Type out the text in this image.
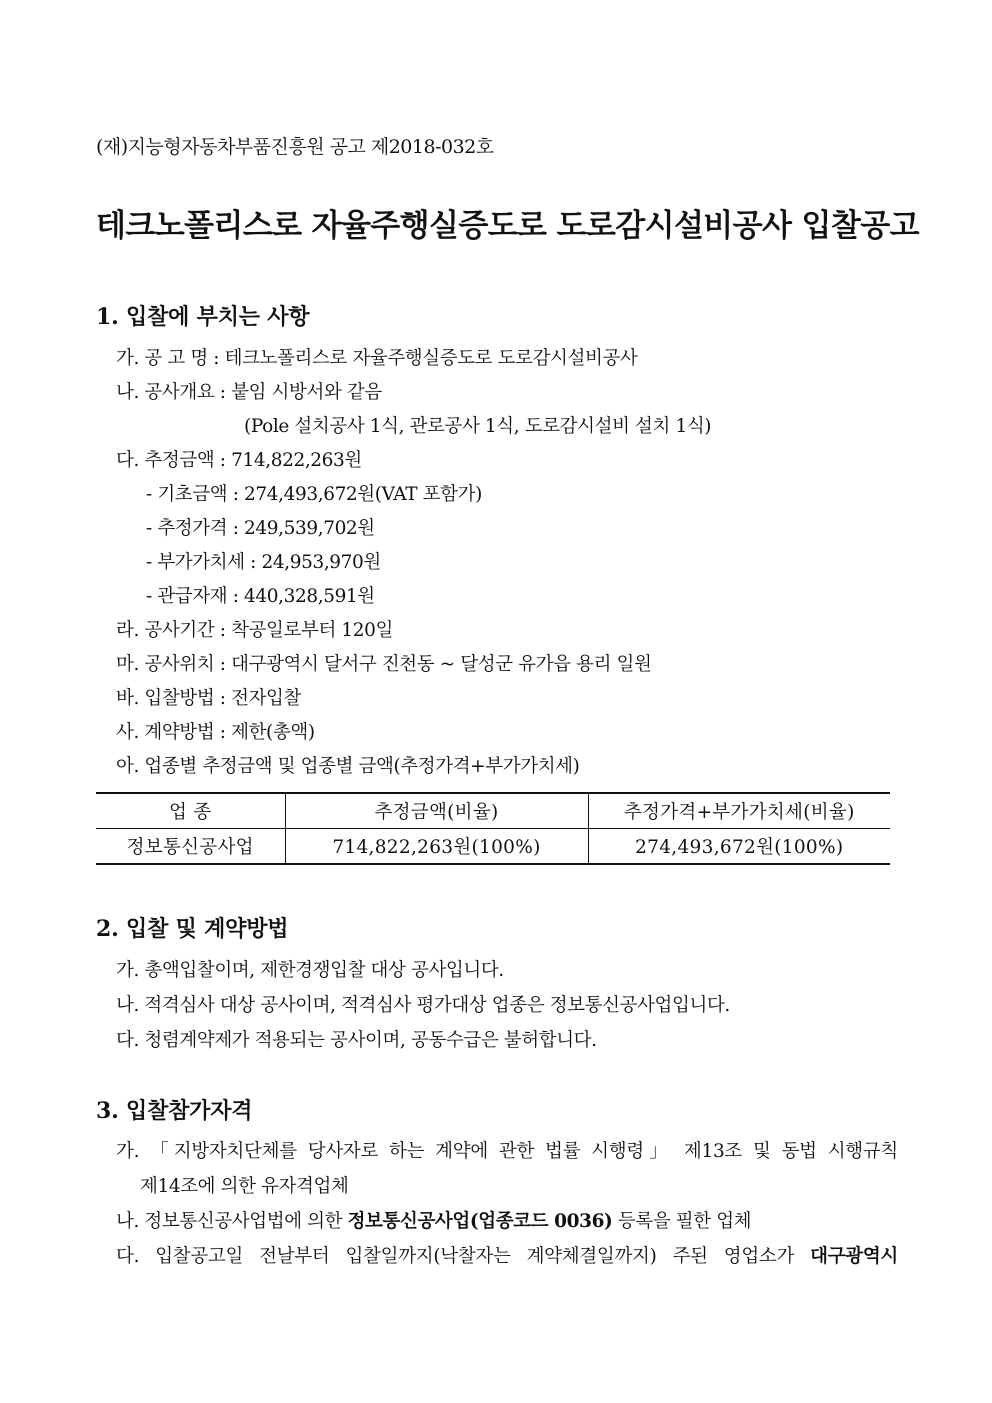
(재)지능형자동차부품진흥원 공고 제2018-032호
테크노폴리스로 자율주행실증도로 도로감시설비공사 입찰공고
1. 입찰에 부치는 사항
가. 공 고 명 : 테크노폴리스로 자율주행실증도로 도로감시설비공사
나. 공사개요 : 붙임 시방서와 같음
(Pole 설치공사 1식, 관로공사 1식, 도로감시설비 설치 1식)
다. 추정금액 : 714,822,263원
- 기초금액 : 274,493,672원(VAT 포함가)
- 추정가격 : 249,539,702원
- 부가가치세 : 24,953,970원
- 관급자재 : 440,328,591원
라. 공사기간 : 착공일로부터 120일
마. 공사위치 : 대구광역시 달서구 진천동 ~ 달성군 유가읍 용리 일원
바. 입찰방법 : 전자입찰
사. 계약방법 : 제한(총액)
아. 업종별 추정금액 및 업종별 금액(추정가격+부가가치세)
업 종	추정금액(비율)	추정가격+부가가치세(비율)
정보통신공사업	714,822,263원(100%)	274,493,672원(100%)
2. 입찰 및 계약방법
가. 총액입찰이며, 제한경쟁입찰 대상 공사입니다.
나. 적격심사 대상 공사이며, 적격심사 평가대상 업종은 정보통신공사업입니다.
다. 청렴계약제가 적용되는 공사이며, 공동수급은 불허합니다.
3. 입찰참가자격
가. 「지방자치단체를 당사자로 하는 계약에 관한 법률 시행령」 제13조 및 동법 시행규칙
제14조에 의한 유자격업체
나. 정보통신공사업법에 의한 정보통신공사업(업종코드 0036) 등록을 필한 업체
다. 입찰공고일 전날부터 입찰일까지(낙찰자는 계약체결일까지) 주된 영업소가 대구광역시
